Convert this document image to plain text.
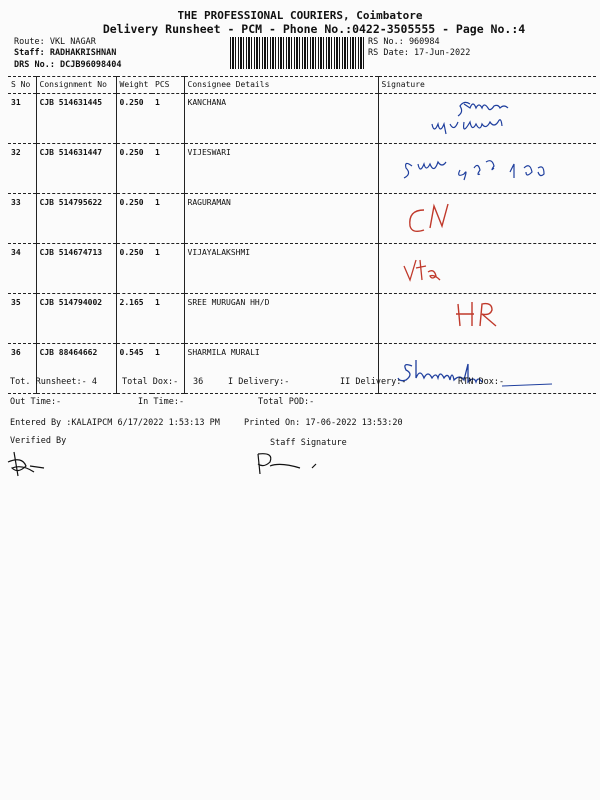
THE PROFESSIONAL COURIERS, Coimbatore
Delivery Runsheet - PCM - Phone No.:0422-3505555 - Page No.:4
Route: VKL NAGAR
Staff: RADHAKRISHNAN
DRS No.: DCJB96098404
RS No.: 960984
RS Date: 17-Jun-2022
S No	Consignment No	Weight	PCS	Consignee Details	Signature
31	CJB 514631445	0.250	1	KANCHANA	

32	CJB 514631447	0.250	1	VIJESWARI	

33	CJB 514795622	0.250	1	RAGURAMAN	

34	CJB 514674713	0.250	1	VIJAYALAKSHMI	

35	CJB 514794002	2.165	1	SREE MURUGAN HH/D	

36	CJB 88464662	0.545	1	SHARMILA MURALI	
Tot. Runsheet:- 4	Total Dox:- 36	I Delivery:-	II Delivery:-	RTN Dox:-
Out Time:-	In Time:-	Total POD:-
Entered By :KALAIPCM 6/17/2022 1:53:13 PM	Printed On: 17-06-2022 13:53:20
Verified By	Staff Signature
